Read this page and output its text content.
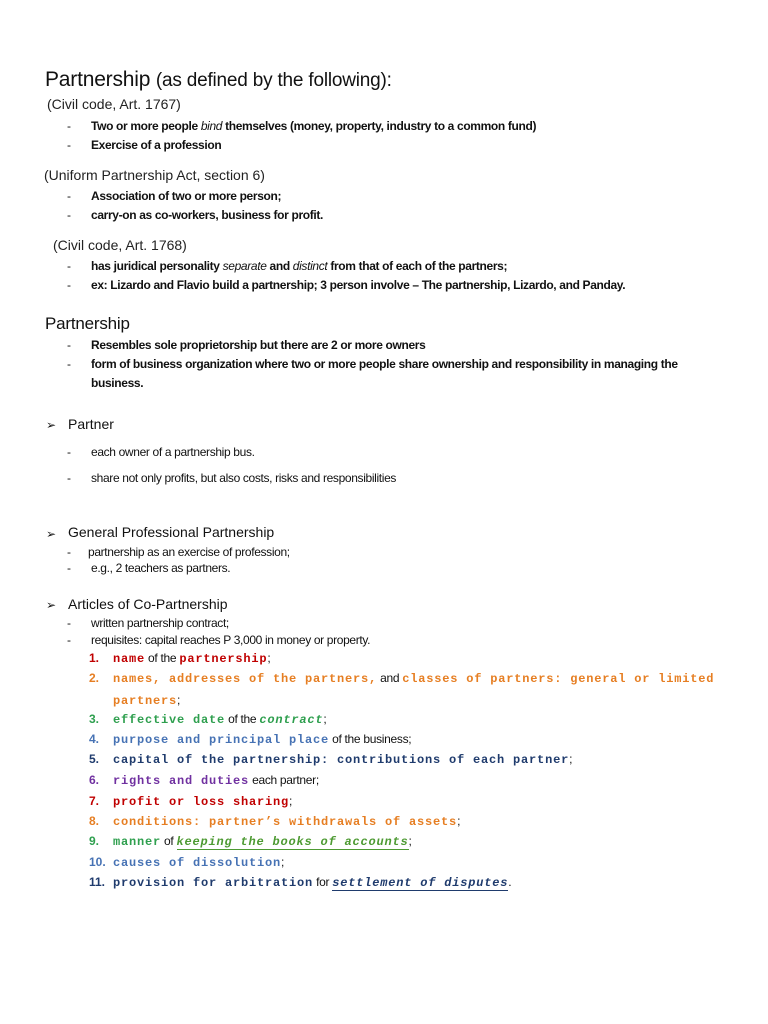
Partnership (as defined by the following):
(Civil code, Art. 1767)
- Two or more people bind themselves (money, property, industry to a common fund)
- Exercise of a profession
(Uniform Partnership Act, section 6)
- Association of two or more person;
- carry-on as co-workers, business for profit.
(Civil code, Art. 1768)
- has juridical personality separate and distinct from that of each of the partners;
- ex: Lizardo and Flavio build a partnership; 3 person involve – The partnership, Lizardo, and Panday.
Partnership
- Resembles sole proprietorship but there are 2 or more owners
- form of business organization where two or more people share ownership and responsibility in managing the business.
➢ Partner
- each owner of a partnership bus.
- share not only profits, but also costs, risks and responsibilities
➢ General Professional Partnership
- partnership as an exercise of profession;
- e.g., 2 teachers as partners.
➢ Articles of Co-Partnership
- written partnership contract;
- requisites: capital reaches P 3,000 in money or property.
1. name of the partnership;
2. names, addresses of the partners, and classes of partners: general or limited partners;
3. effective date of the contract;
4. purpose and principal place of the business;
5. capital of the partnership: contributions of each partner;
6. rights and duties each partner;
7. profit or loss sharing;
8. conditions: partner’s withdrawals of assets;
9. manner of keeping the books of accounts;
10. causes of dissolution;
11. provision for arbitration for settlement of disputes.
